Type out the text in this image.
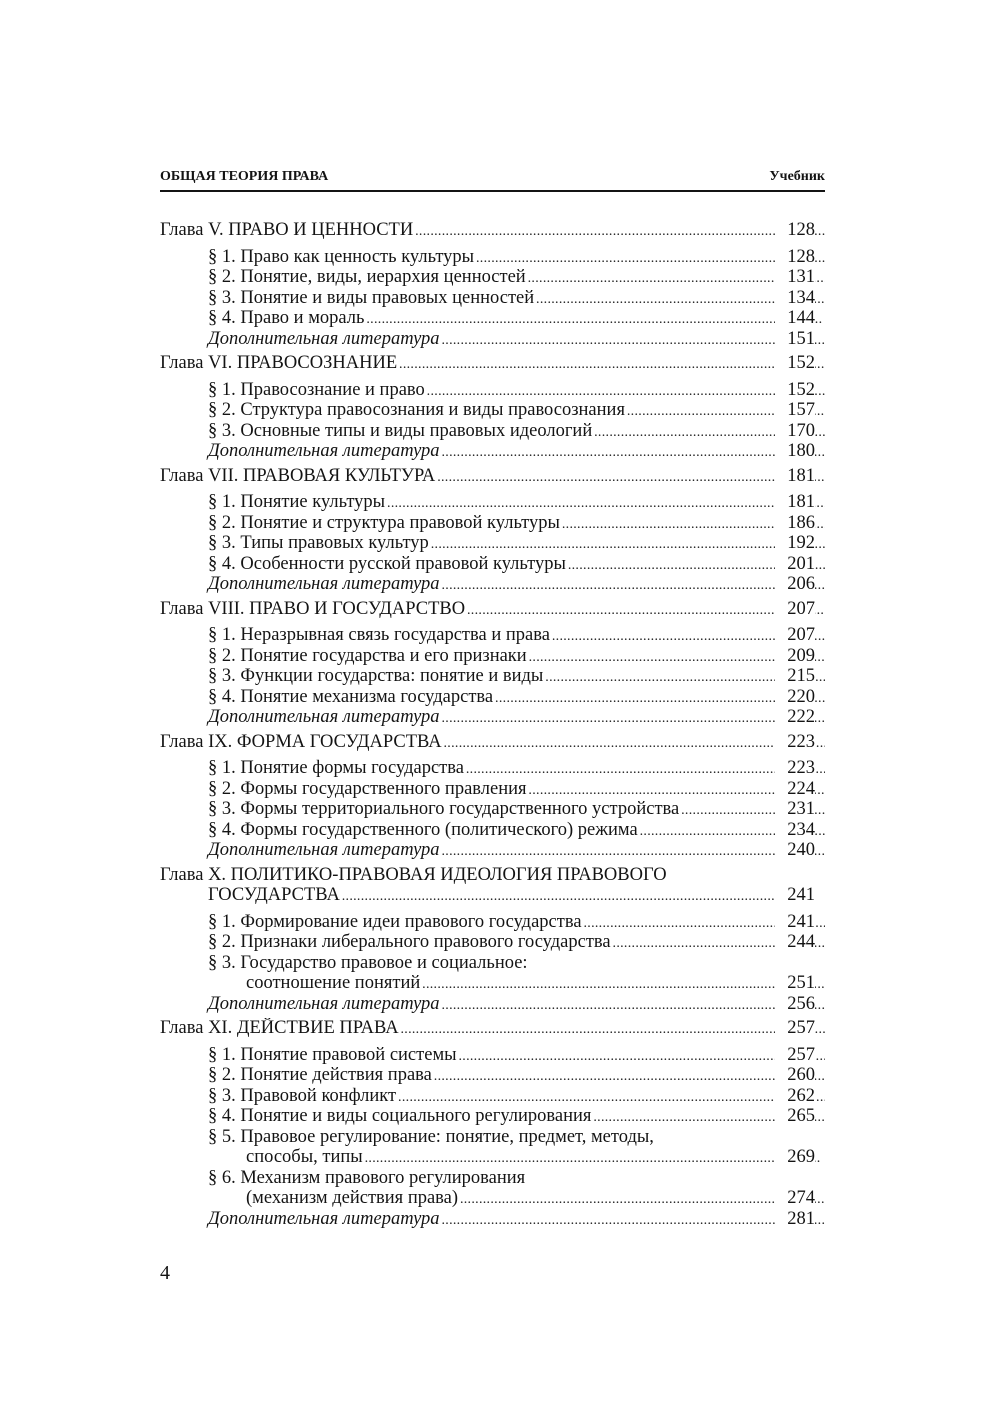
ОБЩАЯ ТЕОРИЯ ПРАВА	Учебник
Глава V. ПРАВО И ЦЕННОСТИ	128
. . .
§ 1. Право как ценность культуры	128
. . .
§ 2. Понятие, виды, иерархия ценностей	131
. . .
§ 3. Понятие и виды правовых ценностей	134
. . .
§ 4. Право и мораль	144
. . .
Дополнительная литература	151
. . .
Глава VI. ПРАВОСОЗНАНИЕ	152
. . .
§ 1. Правосознание и право	152
. . .
§ 2. Структура правосознания и виды правосознания	157
. . .
§ 3. Основные типы и виды правовых идеологий	170
. . .
Дополнительная литература	180
. . .
Глава VII. ПРАВОВАЯ КУЛЬТУРА	181
. . .
§ 1. Понятие культуры	181
. . .
§ 2. Понятие и структура правовой культуры	186
. . .
§ 3. Типы правовых культур	192
. . .
§ 4. Особенности русской правовой культуры	201
. . .
Дополнительная литература	206
. . .
Глава VIII. ПРАВО И ГОСУДАРСТВО	207
. . .
§ 1. Неразрывная связь государства и права	207
. . .
§ 2. Понятие государства и его признаки	209
. . .
§ 3. Функции государства: понятие и виды	215
. . .
§ 4. Понятие механизма государства	220
. . .
Дополнительная литература	222
. . .
Глава IX. ФОРМА ГОСУДАРСТВА	223
. . .
§ 1. Понятие формы государства	223
. . .
§ 2. Формы государственного правления	224
. . .
§ 3. Формы территориального государственного устройства	231
. . .
§ 4. Формы государственного (политического) режима	234
. . .
Дополнительная литература	240
. . .
Глава X. ПОЛИТИКО-ПРАВОВАЯ ИДЕОЛОГИЯ ПРАВОВОГО
ГОСУДАРСТВА	241
. . .
§ 1. Формирование идеи правового государства	241
. . .
§ 2. Признаки либерального правового государства	244
. . .
§ 3. Государство правовое и социальное:
соотношение понятий	251
. . .
Дополнительная литература	256
. . .
Глава XI. ДЕЙСТВИЕ ПРАВА	257
. . .
§ 1. Понятие правовой системы	257
. . .
§ 2. Понятие действия права	260
. . .
§ 3. Правовой конфликт	262
. . .
§ 4. Понятие и виды социального регулирования	265
. . .
§ 5. Правовое регулирование: понятие, предмет, методы,
способы, типы	269
. . .
§ 6. Механизм правового регулирования
(механизм действия права)	274
. . .
Дополнительная литература	281
. . .
4
